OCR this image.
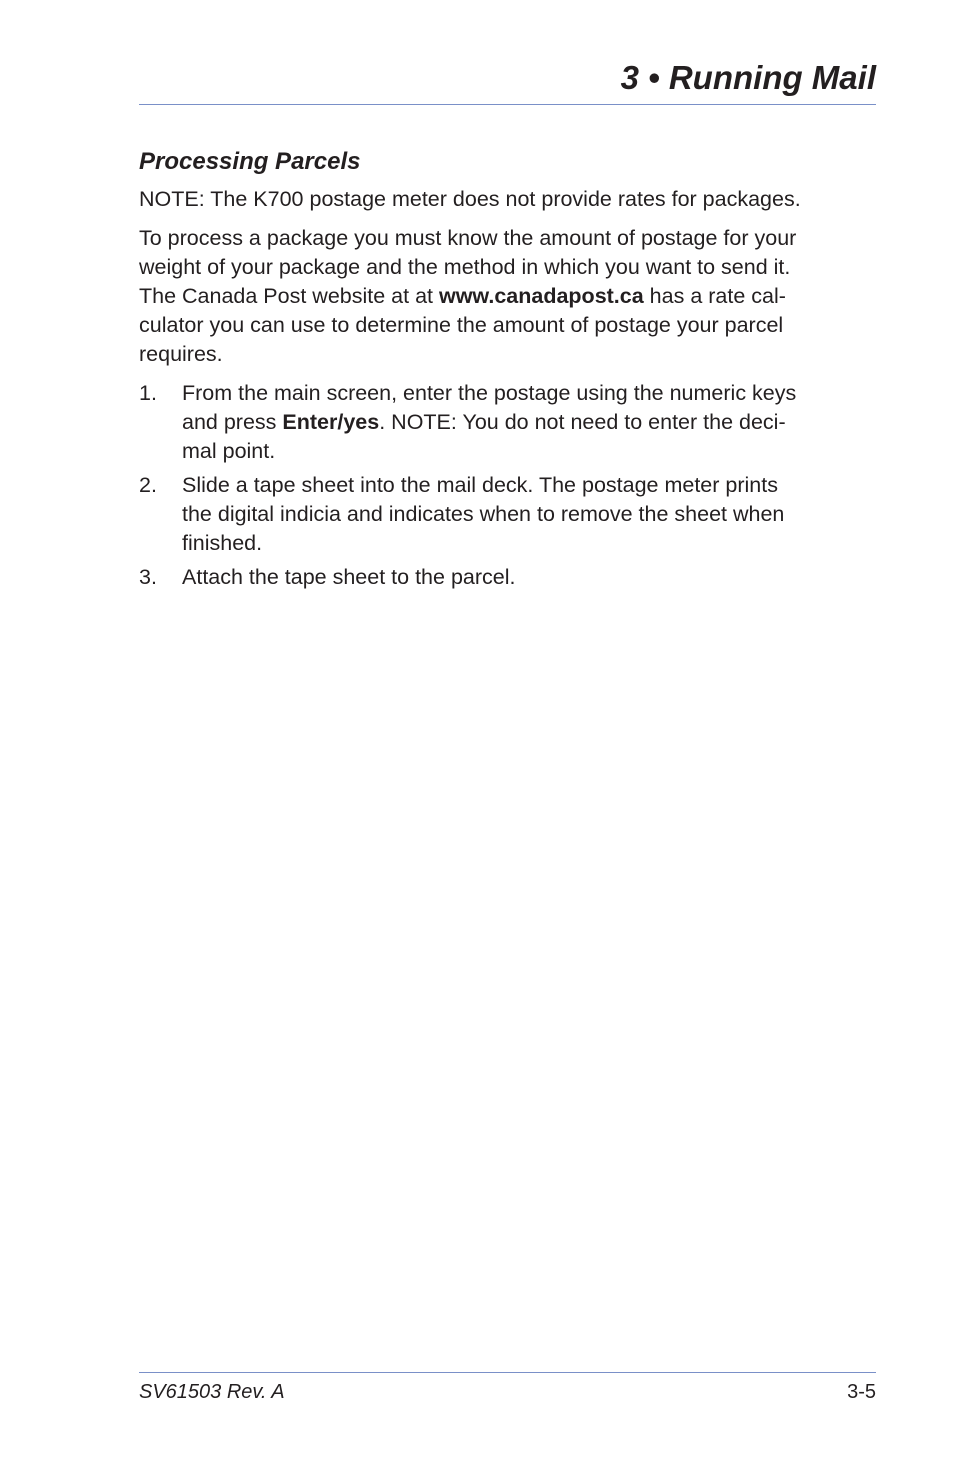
3 • Running Mail
Processing Parcels

NOTE: The K700 postage meter does not provide rates for packages.

To process a package you must know the amount of postage for your
weight of your package and the method in which you want to send it.
The Canada Post website at at www.canadapost.ca has a rate cal-
culator you can use to determine the amount of postage your parcel
requires.

1. From the main screen, enter the postage using the numeric keys
and press Enter/yes. NOTE: You do not need to enter the deci-
mal point.
2. Slide a tape sheet into the mail deck. The postage meter prints
the digital indicia and indicates when to remove the sheet when
finished.
3. Attach the tape sheet to the parcel.
SV61503 Rev. A	3-5
